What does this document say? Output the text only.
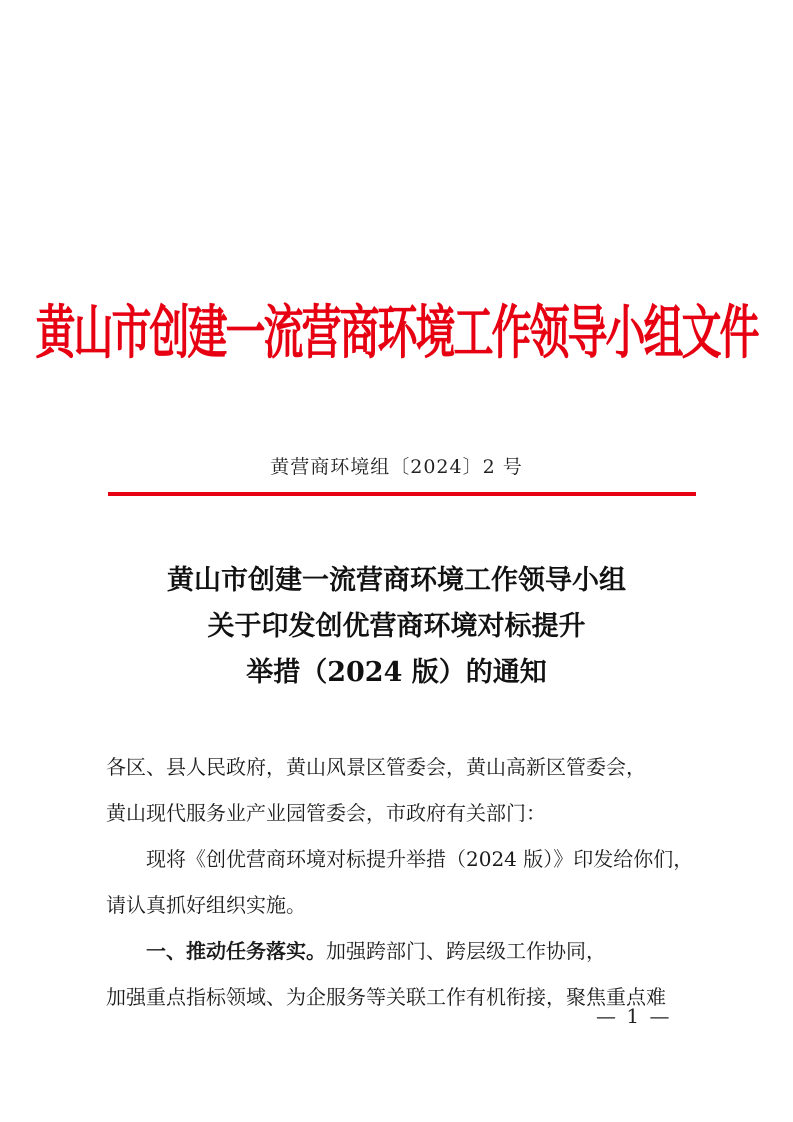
黄山市创建一流营商环境工作领导小组文件
黄营商环境组〔2024〕2 号
黄山市创建一流营商环境工作领导小组
关于印发创优营商环境对标提升
举措（2024 版）的通知

各区、县人民政府，黄山风景区管委会，黄山高新区管委会，

黄山现代服务业产业园管委会，市政府有关部门：

现将《创优营商环境对标提升举措（2024 版）》印发给你们，

请认真抓好组织实施。

一、推动任务落实。加强跨部门、跨层级工作协同，

加强重点指标领域、为企服务等关联工作有机衔接，聚焦重点难

— 1 —
